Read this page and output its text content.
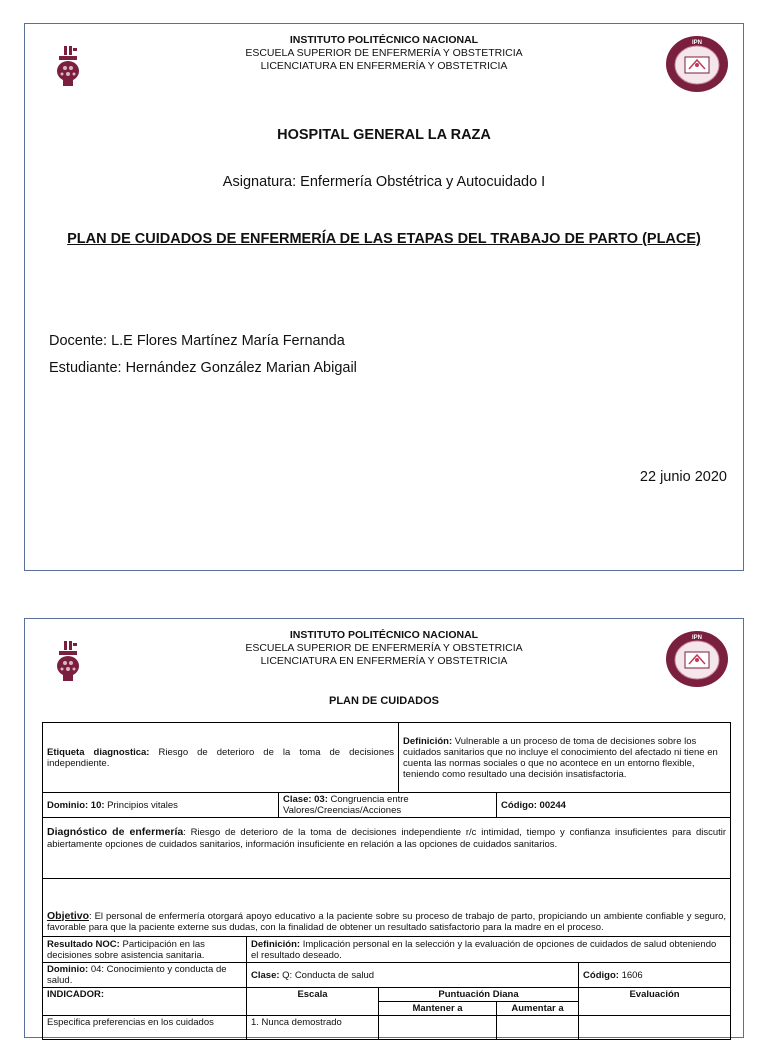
IPN
INSTITUTO POLITÉCNICO NACIONAL
ESCUELA SUPERIOR DE ENFERMERÍA Y OBSTETRICIA
LICENCIATURA EN ENFERMERÍA Y OBSTETRICIA
HOSPITAL GENERAL LA RAZA
Asignatura: Enfermería Obstétrica y Autocuidado I
PLAN DE CUIDADOS DE ENFERMERÍA DE LAS ETAPAS DEL TRABAJO DE PARTO (PLACE)
Docente: L.E Flores Martínez María Fernanda
Estudiante: Hernández González Marian Abigail
22 junio 2020
IPN
INSTITUTO POLITÉCNICO NACIONAL
ESCUELA SUPERIOR DE ENFERMERÍA Y OBSTETRICIA
LICENCIATURA EN ENFERMERÍA Y OBSTETRICIA
PLAN DE CUIDADOS
Etiqueta diagnostica: Riesgo de deterioro de la toma de decisiones independiente.				Definición: Vulnerable a un proceso de toma de decisiones sobre los cuidados sanitarios que no incluye el conocimiento del afectado ni tiene en cuenta las normas sociales o que no acontece en un entorno flexible, teniendo como resultado una decisión insatisfactoria.		
Dominio: 10: Principios vitales		Clase: 03: Congruencia entre Valores/Creencias/Acciones			Código: 00244	
Diagnóstico de enfermería: Riesgo de deterioro de la toma de decisiones independiente r/c intimidad, tiempo y confianza insuficientes para discutir abiertamente opciones de cuidados sanitarios, información insuficiente en relación a las opciones de cuidados sanitarios.						
Objetivo: El personal de enfermería otorgará apoyo educativo a la paciente sobre su proceso de trabajo de parto, propiciando un ambiente confiable y seguro, favorable para que la paciente externe sus dudas, con la finalidad de obtener un resultado satisfactorio para la madre en el proceso.						
Resultado NOC: Participación en las decisiones sobre asistencia sanitaria.	Definición: Implicación personal en la selección y la evaluación de opciones de cuidados de salud obteniendo el resultado deseado.					
Dominio: 04: Conocimiento y conducta de salud.	Clase: Q: Conducta de salud					Código: 1606
INDICADOR:	Escala		Puntuación Diana			Evaluación
			Mantener a		Aumentar a	
Especifica preferencias en los cuidados	1. Nunca demostrado					
